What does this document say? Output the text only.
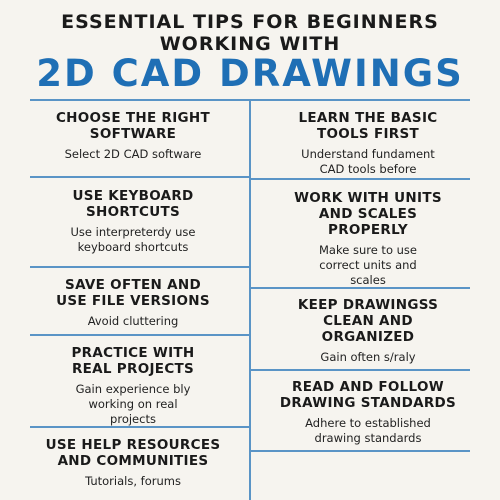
ESSENTIAL TIPS FOR BEGINNERS
WORKING WITH
2D CAD DRAWINGS
CHOOSE THE RIGHT
SOFTWARE
Select 2D CAD software
USE KEYBOARD
SHORTCUTS
Use interpreterdy use
keyboard shortcuts
SAVE OFTEN AND
USE FILE VERSIONS
Avoid cluttering
PRACTICE WITH
REAL PROJECTS
Gain experience bly
working on real
projects
USE HELP RESOURCES
AND COMMUNITIES
Tutorials, forums
LEARN THE BASIC
TOOLS FIRST
Understand fundament
CAD tools before
WORK WITH UNITS
AND SCALES
PROPERLY
Make sure to use
correct units and
scales
KEEP DRAWINGSS
CLEAN AND
ORGANIZED
Gain often s/raly
READ AND FOLLOW
DRAWING STANDARDS
Adhere to established
drawing standards
